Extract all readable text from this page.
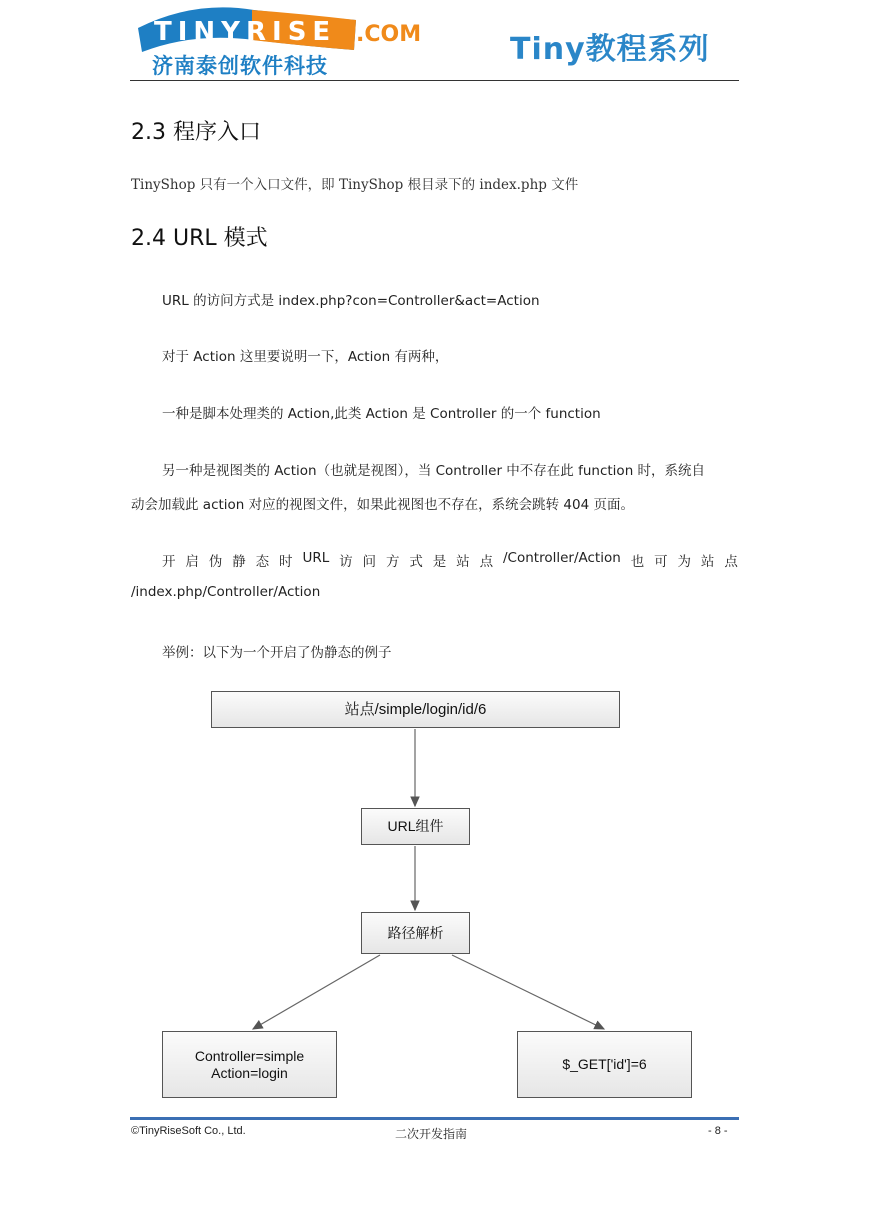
TINYRISE .COM
济南泰创软件科技	Tiny教程系列
2.3 程序入口
TinyShop 只有一个入口文件，即 TinyShop 根目录下的 index.php 文件
2.4 URL 模式
URL 的访问方式是 index.php?con=Controller&act=Action
对于 Action 这里要说明一下，Action 有两种，
一种是脚本处理类的 Action,此类 Action 是 Controller 的一个 function
另一种是视图类的 Action（也就是视图），当 Controller 中不存在此 function 时，系统自
动会加载此 action 对应的视图文件，如果此视图也不存在，系统会跳转 404 页面。
开 启 伪 静 态 时 URL 访 问 方 式 是 站 点 /Controller/Action 也 可 为 站 点
/index.php/Controller/Action
举例：以下为一个开启了伪静态的例子
站点/simple/login/id/6
URL组件
路径解析
Controller=simple
Action=login
$_GET['id']=6
©TinyRiseSoft Co., Ltd.	二次开发指南	- 8 -
